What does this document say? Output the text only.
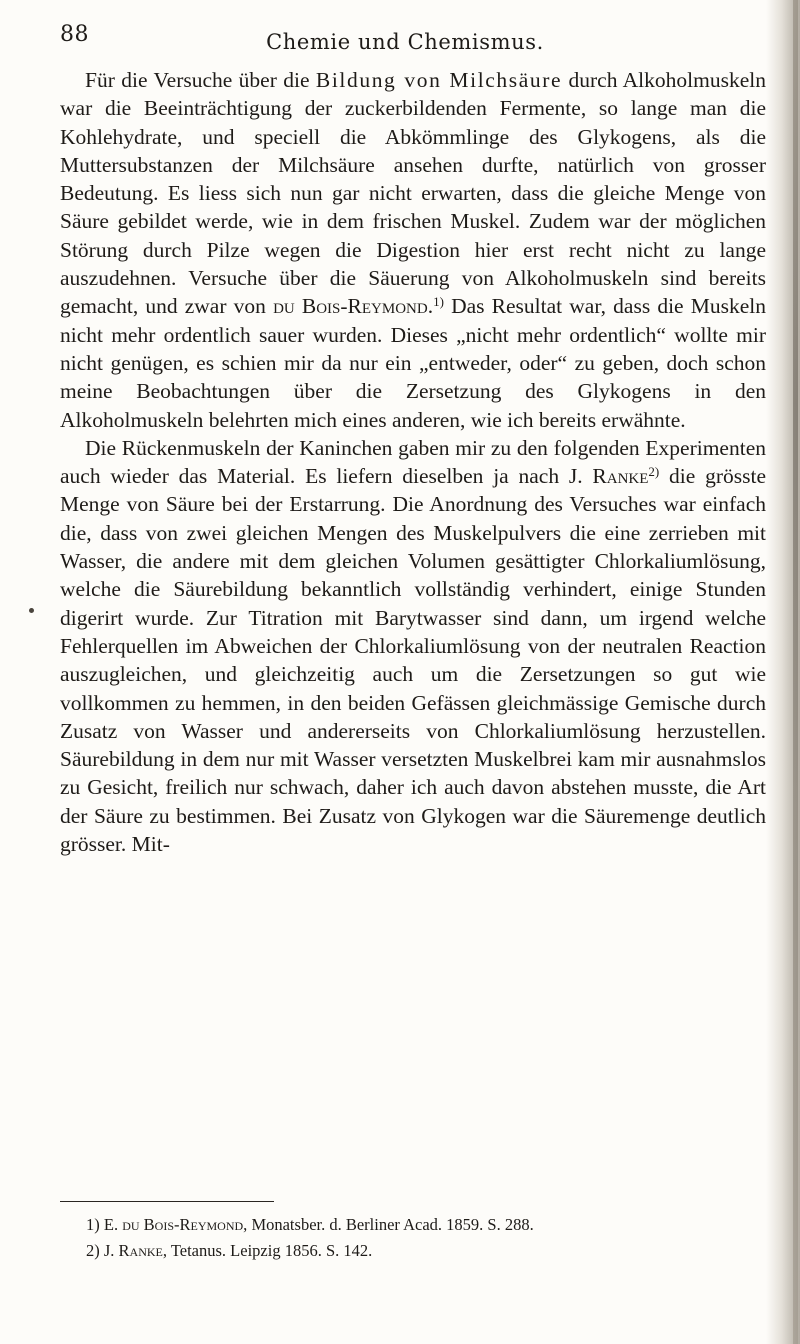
88	Chemie und Chemismus.

Für die Versuche über die Bildung von Milchsäure durch Alkoholmuskeln war die Beeinträchtigung der zuckerbildenden Fermente, so lange man die Kohlehydrate, und speciell die Abkömmlinge des Glykogens, als die Muttersubstanzen der Milchsäure ansehen durfte, natürlich von grosser Bedeutung. Es liess sich nun gar nicht erwarten, dass die gleiche Menge von Säure gebildet werde, wie in dem frischen Muskel. Zudem war der möglichen Störung durch Pilze wegen die Digestion hier erst recht nicht zu lange auszudehnen. Versuche über die Säuerung von Alkoholmuskeln sind bereits gemacht, und zwar von du Bois-Reymond.$^{1)}$ Das Resultat war, dass die Muskeln nicht mehr ordentlich sauer wurden. Dieses „nicht mehr ordentlich“ wollte mir nicht genügen, es schien mir da nur ein „entweder, oder“ zu geben, doch schon meine Beobachtungen über die Zersetzung des Glykogens in den Alkoholmuskeln belehrten mich eines anderen, wie ich bereits erwähnte.

Die Rückenmuskeln der Kaninchen gaben mir zu den folgenden Experimenten auch wieder das Material. Es liefern dieselben ja nach J. Ranke$^{2)}$ die grösste Menge von Säure bei der Erstarrung. Die Anordnung des Versuches war einfach die, dass von zwei gleichen Mengen des Muskelpulvers die eine zerrieben mit Wasser, die andere mit dem gleichen Volumen gesättigter Chlorkaliumlösung, welche die Säurebildung bekanntlich vollständig verhindert, einige Stunden digerirt wurde. Zur Titration mit Barytwasser sind dann, um irgend welche Fehlerquellen im Abweichen der Chlorkaliumlösung von der neutralen Reaction auszugleichen, und gleichzeitig auch um die Zersetzungen so gut wie vollkommen zu hemmen, in den beiden Gefässen gleichmässige Gemische durch Zusatz von Wasser und andererseits von Chlorkaliumlösung herzustellen. Säurebildung in dem nur mit Wasser versetzten Muskelbrei kam mir ausnahmslos zu Gesicht, freilich nur schwach, daher ich auch davon abstehen musste, die Art der Säure zu bestimmen. Bei Zusatz von Glykogen war die Säuremenge deutlich grösser. Mit-

1) E. du Bois-Reymond, Monatsber. d. Berliner Acad. 1859. S. 288.

2) J. Ranke, Tetanus. Leipzig 1856. S. 142.
